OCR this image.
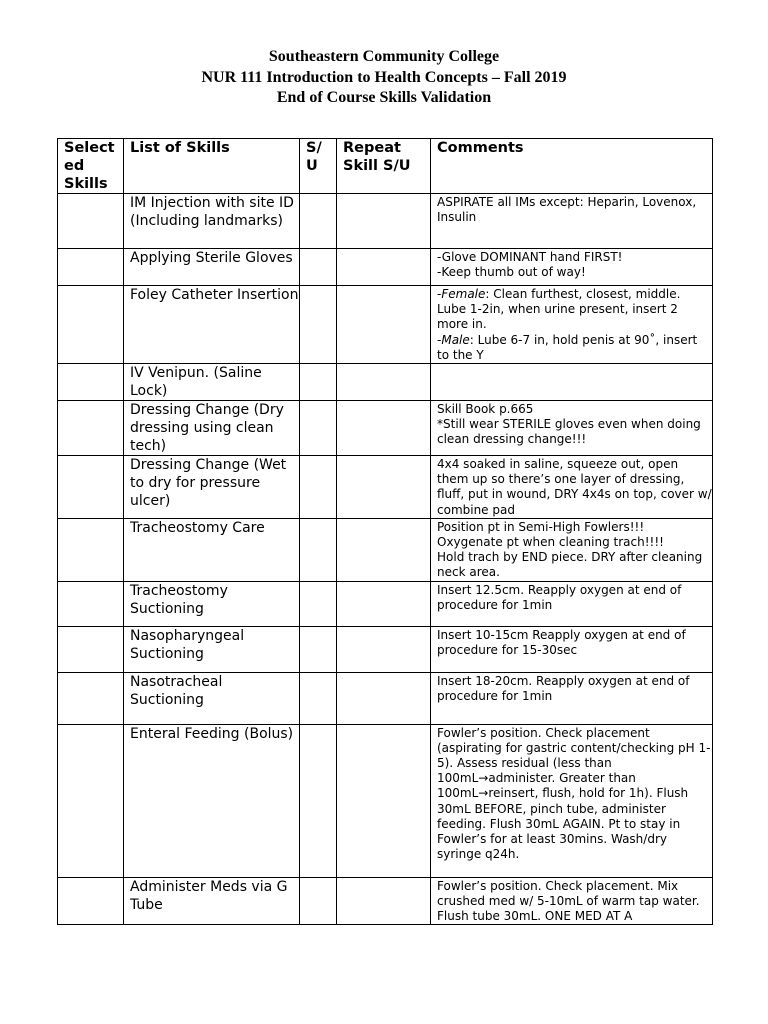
Southeastern Community College
NUR 111 Introduction to Health Concepts – Fall 2019
End of Course Skills Validation
Select ed Skills	List of Skills	S/ U	Repeat Skill S/U	Comments
	IM Injection with site ID (Including landmarks)			ASPIRATE all IMs except: Heparin, Lovenox, Insulin
	Applying Sterile Gloves			-Glove DOMINANT hand FIRST!
-Keep thumb out of way!
	Foley Catheter Insertion			-Female: Clean furthest, closest, middle. Lube 1-2in, when urine present, insert 2 more in.
-Male: Lube 6-7 in, hold penis at 90˚, insert to the Y

	IV Venipun. (Saline Lock)			
	Dressing Change (Dry dressing using clean tech)			Skill Book p.665
*Still wear STERILE gloves even when doing clean dressing change!!!
	Dressing Change (Wet to dry for pressure ulcer)			4x4 soaked in saline, squeeze out, open them up so there’s one layer of dressing, fluff, put in wound, DRY 4x4s on top, cover w/ combine pad
	Tracheostomy Care			Position pt in Semi-High Fowlers!!!
Oxygenate pt when cleaning trach!!!!
Hold trach by END piece. DRY after cleaning neck area.
	Tracheostomy Suctioning			Insert 12.5cm. Reapply oxygen at end of procedure for 1min
	Nasopharyngeal Suctioning			Insert 10-15cm Reapply oxygen at end of procedure for 15-30sec
	Nasotracheal Suctioning			Insert 18-20cm. Reapply oxygen at end of procedure for 1min
	Enteral Feeding (Bolus)			Fowler’s position. Check placement (aspirating for gastric content/checking pH 1-5). Assess residual (less than 100mL→administer. Greater than 100mL→reinsert, flush, hold for 1h). Flush 30mL BEFORE, pinch tube, administer feeding. Flush 30mL AGAIN. Pt to stay in Fowler’s for at least 30mins. Wash/dry syringe q24h.
	Administer Meds via G Tube			Fowler’s position. Check placement. Mix crushed med w/ 5-10mL of warm tap water. Flush tube 30mL. ONE MED AT A
